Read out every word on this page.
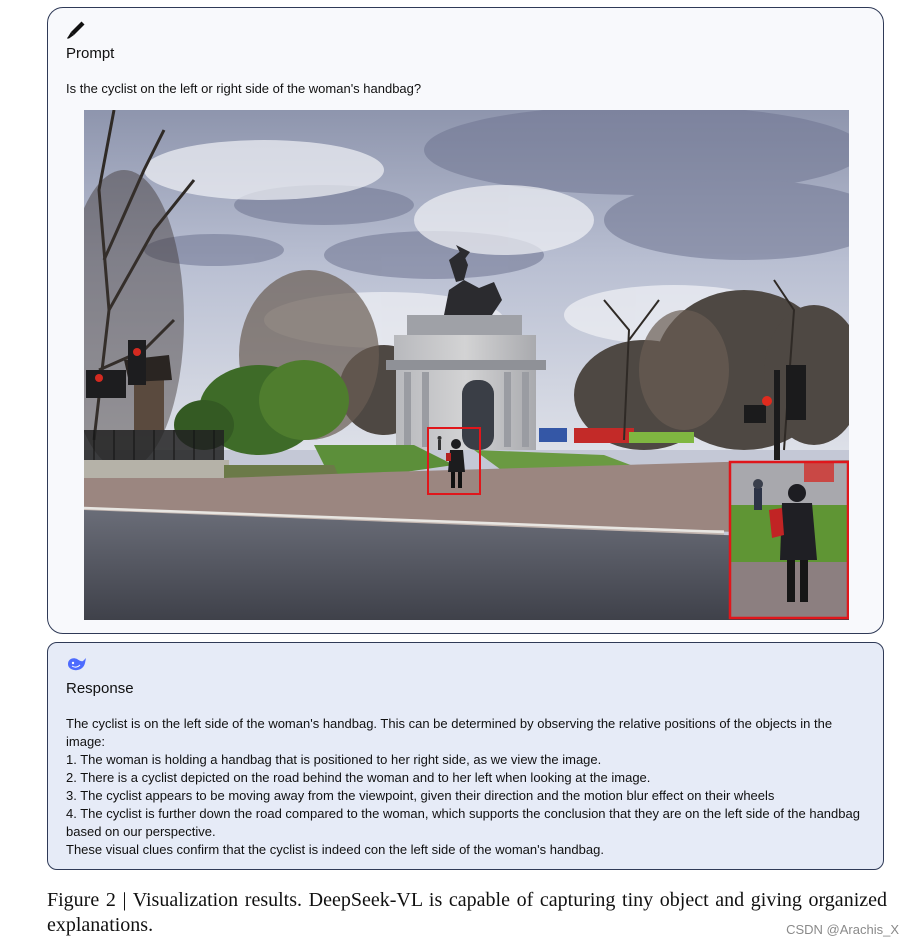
Prompt
Is the cyclist on the left or right side of the woman's handbag?
Response

The cyclist is on the left side of the woman's handbag. This can be determined by observing the relative positions of the objects in the image:

1. The woman is holding a handbag that is positioned to her right side, as we view the image.

2. There is a cyclist depicted on the road behind the woman and to her left when looking at the image.

3. The cyclist appears to be moving away from the viewpoint, given their direction and the motion blur effect on their wheels

4. The cyclist is further down the road compared to the woman, which supports the conclusion that they are on the left side of the handbag based on our perspective.

These visual clues confirm that the cyclist is indeed con the left side of the woman's handbag.

Figure 2 | Visualization results. DeepSeek-VL is capable of capturing tiny object and giving organized explanations.	CSDN @Arachis_X
